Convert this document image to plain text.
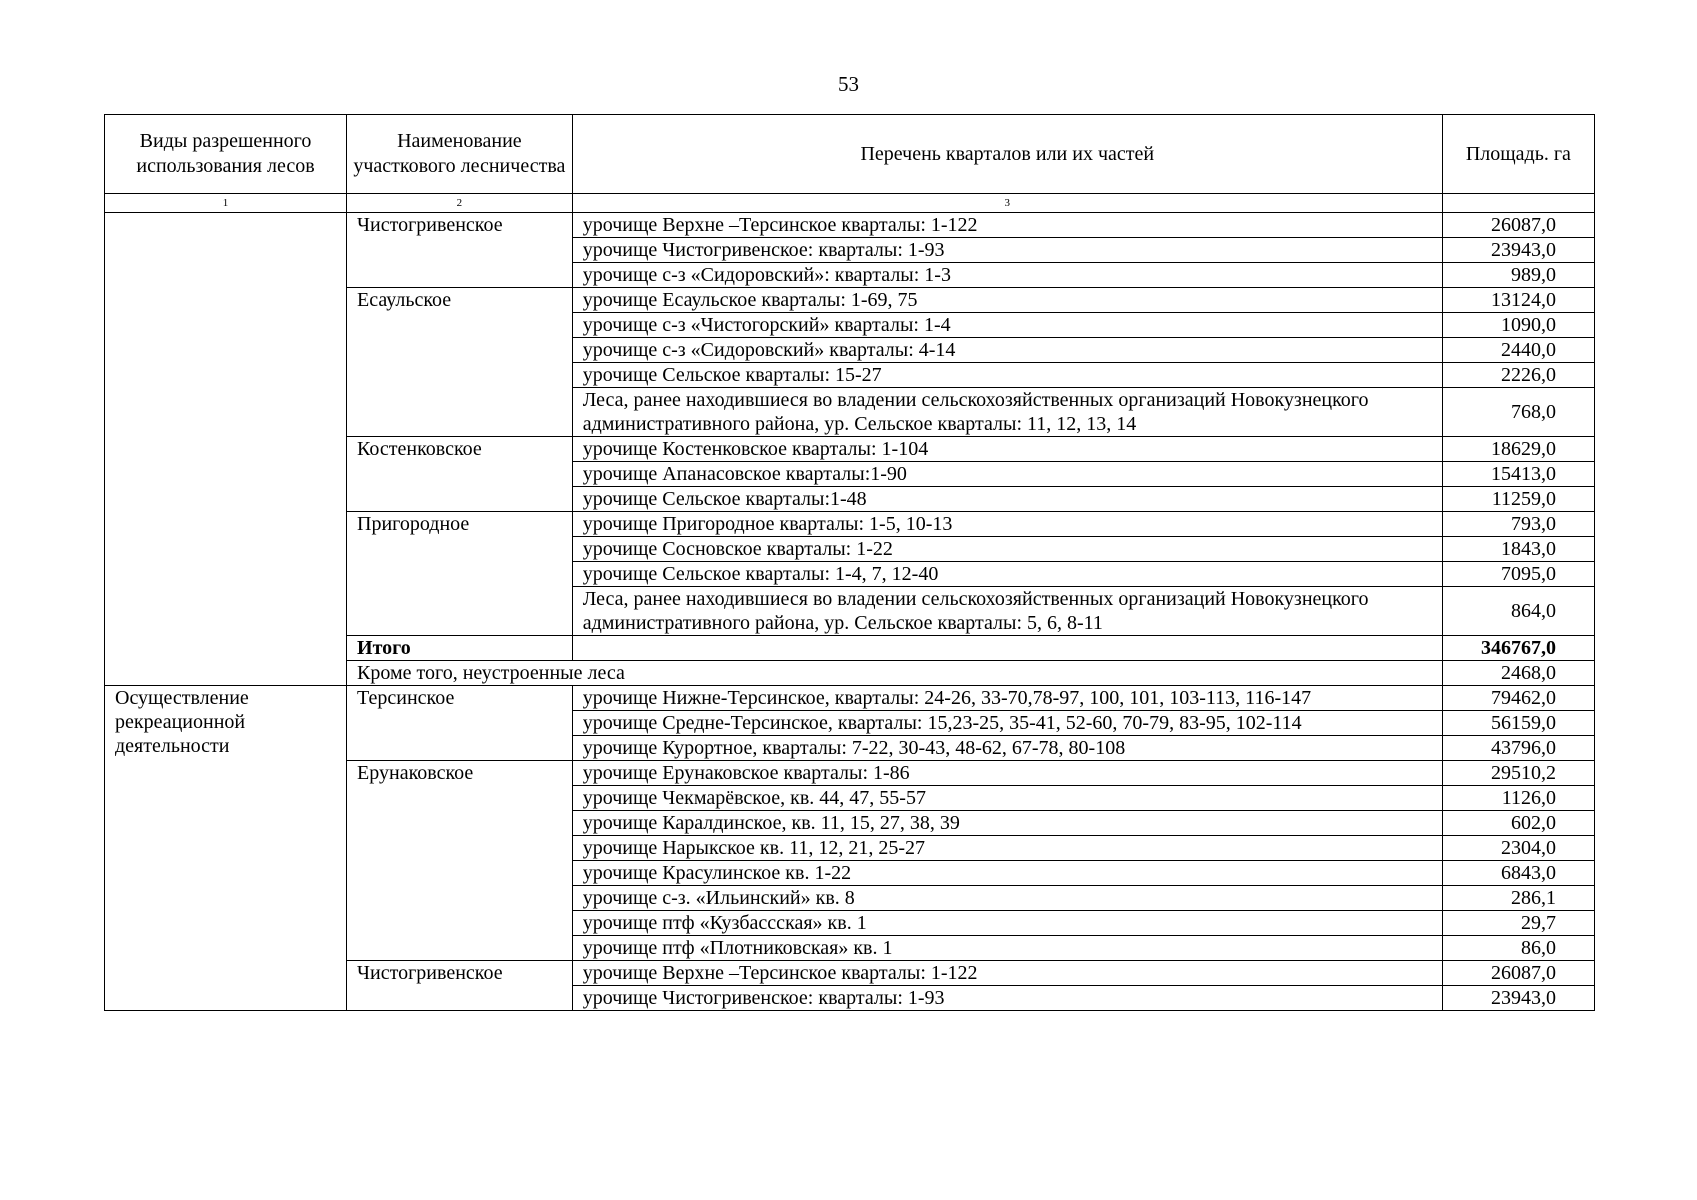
53
Виды разрешенного использования лесов	Наименование участкового лесничества	Перечень кварталов или их частей	Площадь. га
1	2	3	
	Чистогривенское	урочище Верхне –Терсинское кварталы: 1-122	26087,0
		урочище Чистогривенское: кварталы: 1-93	23943,0
		урочище с-з «Сидоровский»: кварталы: 1-3	989,0
	Есаульское	урочище Есаульское кварталы: 1-69, 75	13124,0
		урочище с-з «Чистогорский» кварталы: 1-4	1090,0
		урочище с-з «Сидоровский» кварталы: 4-14	2440,0
		урочище Сельское кварталы: 15-27	2226,0
		Леса, ранее находившиеся во владении сельскохозяйственных организаций Новокузнецкого административного района, ур. Сельское кварталы: 11, 12, 13, 14	768,0
	Костенковское	урочище Костенковское кварталы: 1-104	18629,0
		урочище Апанасовское кварталы:1-90	15413,0
		урочище Сельское кварталы:1-48	11259,0
	Пригородное	урочище Пригородное кварталы: 1-5, 10-13	793,0
		урочище Сосновское кварталы: 1-22	1843,0
		урочище Сельское кварталы: 1-4, 7, 12-40	7095,0
		Леса, ранее находившиеся во владении сельскохозяйственных организаций Новокузнецкого административного района, ур. Сельское кварталы: 5, 6, 8-11	864,0
	Итого		346767,0
	Кроме того, неустроенные леса		2468,0
Осуществление рекреационной деятельности	Терсинское	урочище Нижне-Терсинское, кварталы: 24-26, 33-70,78-97, 100, 101, 103-113, 116-147	79462,0
		урочище Средне-Терсинское, кварталы: 15,23-25, 35-41, 52-60, 70-79, 83-95, 102-114	56159,0
		урочище Курортное, кварталы: 7-22, 30-43, 48-62, 67-78, 80-108	43796,0
	Ерунаковское	урочище Ерунаковское кварталы: 1-86	29510,2
		урочище Чекмарёвское, кв. 44, 47, 55-57	1126,0
		урочище Каралдинское, кв. 11, 15, 27, 38, 39	602,0
		урочище Нарыкское кв. 11, 12, 21, 25-27	2304,0
		урочище Красулинское кв. 1-22	6843,0
		урочище с-з. «Ильинский» кв. 8	286,1
		урочище птф «Кузбасcская» кв. 1	29,7
		урочище птф «Плотниковская» кв. 1	86,0
	Чистогривенское	урочище Верхне –Терсинское кварталы: 1-122	26087,0
		урочище Чистогривенское: кварталы: 1-93	23943,0
